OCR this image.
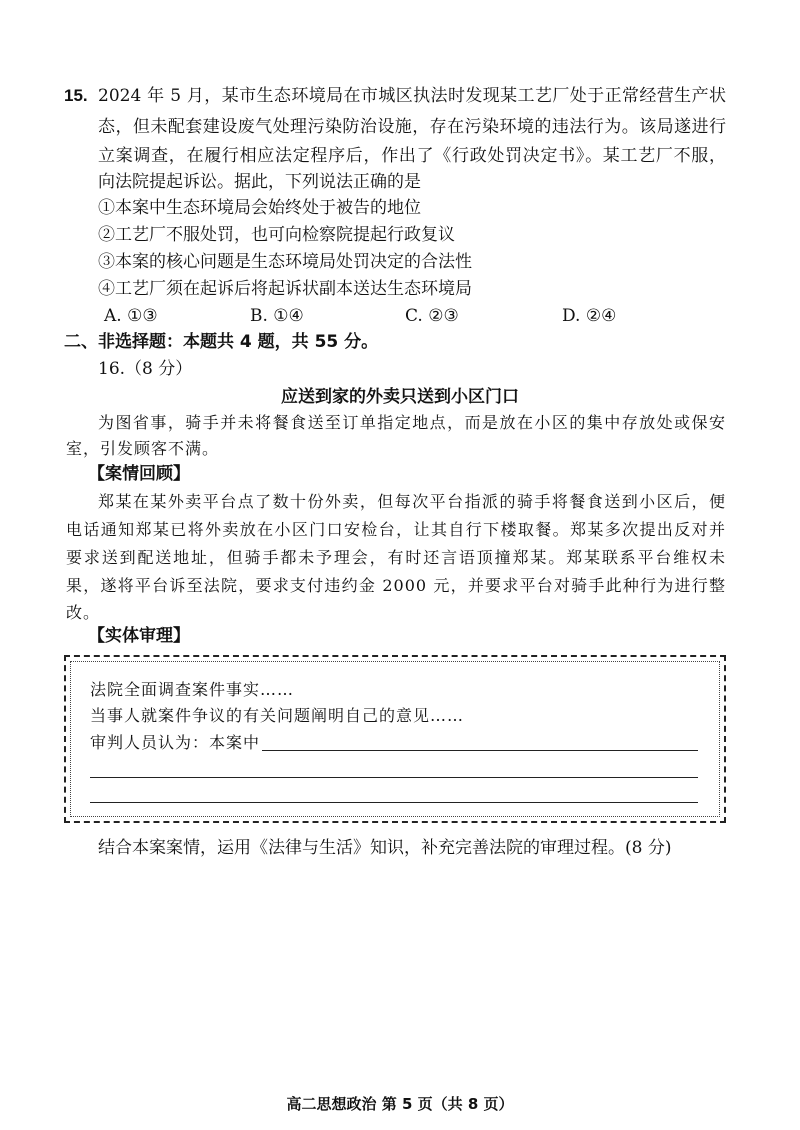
15. 2024 年 5 月，某市生态环境局在市城区执法时发现某工艺厂处于正常经营生产状
态，但未配套建设废气处理污染防治设施，存在污染环境的违法行为。该局遂进行
立案调查，在履行相应法定程序后，作出了《行政处罚决定书》。某工艺厂不服，
向法院提起诉讼。据此，下列说法正确的是
①本案中生态环境局会始终处于被告的地位
②工艺厂不服处罚，也可向检察院提起行政复议
③本案的核心问题是生态环境局处罚决定的合法性
④工艺厂须在起诉后将起诉状副本送达生态环境局
A. ①③	B. ①④	C. ②③	D. ②④
二、非选择题：本题共 4 题，共 55 分。
16.（8 分）
应送到家的外卖只送到小区门口
为图省事，骑手并未将餐食送至订单指定地点，而是放在小区的集中存放处或保安
室，引发顾客不满。
【案情回顾】
郑某在某外卖平台点了数十份外卖，但每次平台指派的骑手将餐食送到小区后，便
电话通知郑某已将外卖放在小区门口安检台，让其自行下楼取餐。郑某多次提出反对并
要求送到配送地址，但骑手都未予理会，有时还言语顶撞郑某。郑某联系平台维权未
果，遂将平台诉至法院，要求支付违约金 2000 元，并要求平台对骑手此种行为进行整
改。
【实体审理】
法院全面调查案件事实……
当事人就案件争议的有关问题阐明自己的意见……
审判人员认为：本案中
结合本案案情，运用《法律与生活》知识，补充完善法院的审理过程。(8 分)
高二思想政治 第 5 页（共 8 页）
